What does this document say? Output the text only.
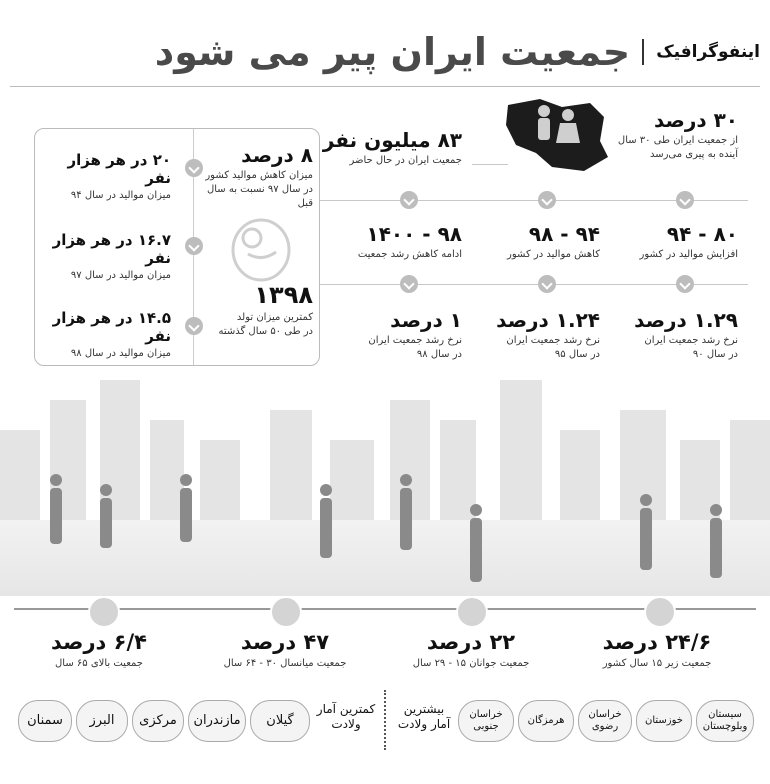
اینفوگرافیک
جمعیت ایران پیر می شود
۳۰ درصد
از جمعیت ایران طی ۳۰ سال
آینده به پیری می‌رسد
۸۳ میلیون نفر
جمعیت ایران در حال حاضر
۸۰ - ۹۴
افزایش موالید در کشور
۹۴ - ۹۸
کاهش موالید در کشور
۹۸ - ۱۴۰۰
ادامه کاهش رشد جمعیت
۱.۲۹ درصد
نرخ رشد جمعیت ایران
در سال ۹۰
۱.۲۴ درصد
نرخ رشد جمعیت ایران
در سال ۹۵
۱ درصد
نرخ رشد جمعیت ایران
در سال ۹۸
۸ درصد
میزان کاهش موالید کشور
در سال ۹۷ نسبت به سال قبل
۱۳۹۸
کمترین میزان تولد
در طی ۵۰ سال گذشته
۲۰ در هر هزار نفر
میزان موالید در سال ۹۴
۱۶.۷ در هر هزار نفر
میزان موالید در سال ۹۷
۱۴.۵ در هر هزار نفر
میزان موالید در سال ۹۸
۲۴/۶ درصد
جمعیت زیر ۱۵ سال کشور
۲۲ درصد
جمعیت جوانان ۱۵ - ۲۹ سال
۴۷ درصد
جمعیت میانسال ۳۰ - ۶۴ سال
۶/۴ درصد
جمعیت بالای ۶۵ سال
سیستان وبلوچستان
خوزستان
خراسان رضوی
هرمزگان
خراسان جنوبی
بیشترین آمار ولادت
کمترین آمار ولادت
گیلان
مازندران
مرکزی
البرز
سمنان
